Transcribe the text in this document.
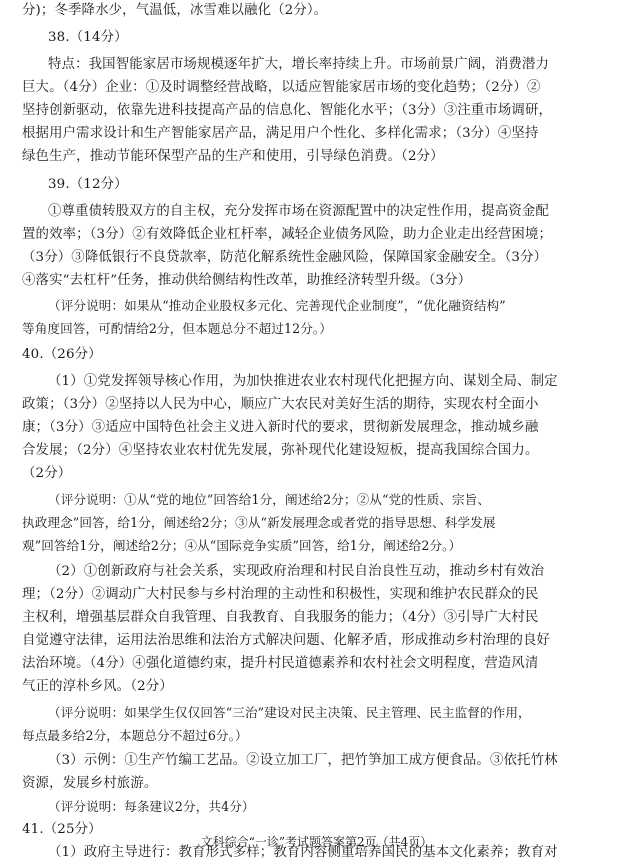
分)；冬季降水少，气温低，冰雪难以融化（2分）。
38.（14分）
特点：我国智能家居市场规模逐年扩大，增长率持续上升。市场前景广阔，消费潜力
巨大。（4分）企业：①及时调整经营战略，以适应智能家居市场的变化趋势；（2分）②
坚持创新驱动，依靠先进科技提高产品的信息化、智能化水平；（3分）③注重市场调研，
根据用户需求设计和生产智能家居产品，满足用户个性化、多样化需求；（3分）④坚持
绿色生产，推动节能环保型产品的生产和使用，引导绿色消费。（2分）
39.（12分）
①尊重债转股双方的自主权，充分发挥市场在资源配置中的决定性作用，提高资金配
置的效率；（3分）②有效降低企业杠杆率，减轻企业债务风险，助力企业走出经营困境；
（3分）③降低银行不良贷款率，防范化解系统性金融风险，保障国家金融安全。（3分）
④落实“去杠杆”任务，推动供给侧结构性改革，助推经济转型升级。（3分）
（评分说明：如果从“推动企业股权多元化、完善现代企业制度”，“优化融资结构”
等角度回答，可酌情给2分，但本题总分不超过12分。）
40.（26分）
（1）①党发挥领导核心作用，为加快推进农业农村现代化把握方向、谋划全局、制定
政策；（3分）②坚持以人民为中心，顺应广大农民对美好生活的期待，实现农村全面小
康；（3分）③适应中国特色社会主义进入新时代的要求，贯彻新发展理念，推动城乡融
合发展；（2分）④坚持农业农村优先发展，弥补现代化建设短板，提高我国综合国力。
（2分）
（评分说明：①从“党的地位”回答给1分，阐述给2分；②从“党的性质、宗旨、
执政理念”回答，给1分，阐述给2分；③从“新发展理念或者党的指导思想、科学发展
观”回答给1分，阐述给2分；④从“国际竞争实质”回答，给1分，阐述给2分。）
（2）①创新政府与社会关系，实现政府治理和村民自治良性互动，推动乡村有效治
理；（2分）②调动广大村民参与乡村治理的主动性和积极性，实现和维护农民群众的民
主权利，增强基层群众自我管理、自我教育、自我服务的能力；（4分）③引导广大村民
自觉遵守法律，运用法治思维和法治方式解决问题、化解矛盾，形成推动乡村治理的良好
法治环境。（4分）④强化道德约束，提升村民道德素养和农村社会文明程度，营造风清
气正的淳朴乡风。（2分）
（评分说明：如果学生仅仅回答“三治”建设对民主决策、民主管理、民主监督的作用，
每点最多给2分，本题总分不超过6分。）
（3）示例：①生产竹编工艺品。②设立加工厂，把竹笋加工成方便食品。③依托竹林
资源，发展乡村旅游。
（评分说明：每条建议2分，共4分）
41.（25分）
（1）政府主导进行：教育形式多样；教育内容侧重培养国民的基本文化素养；教育对
文科综合“一诊”考试题答案第2页（共4页）
